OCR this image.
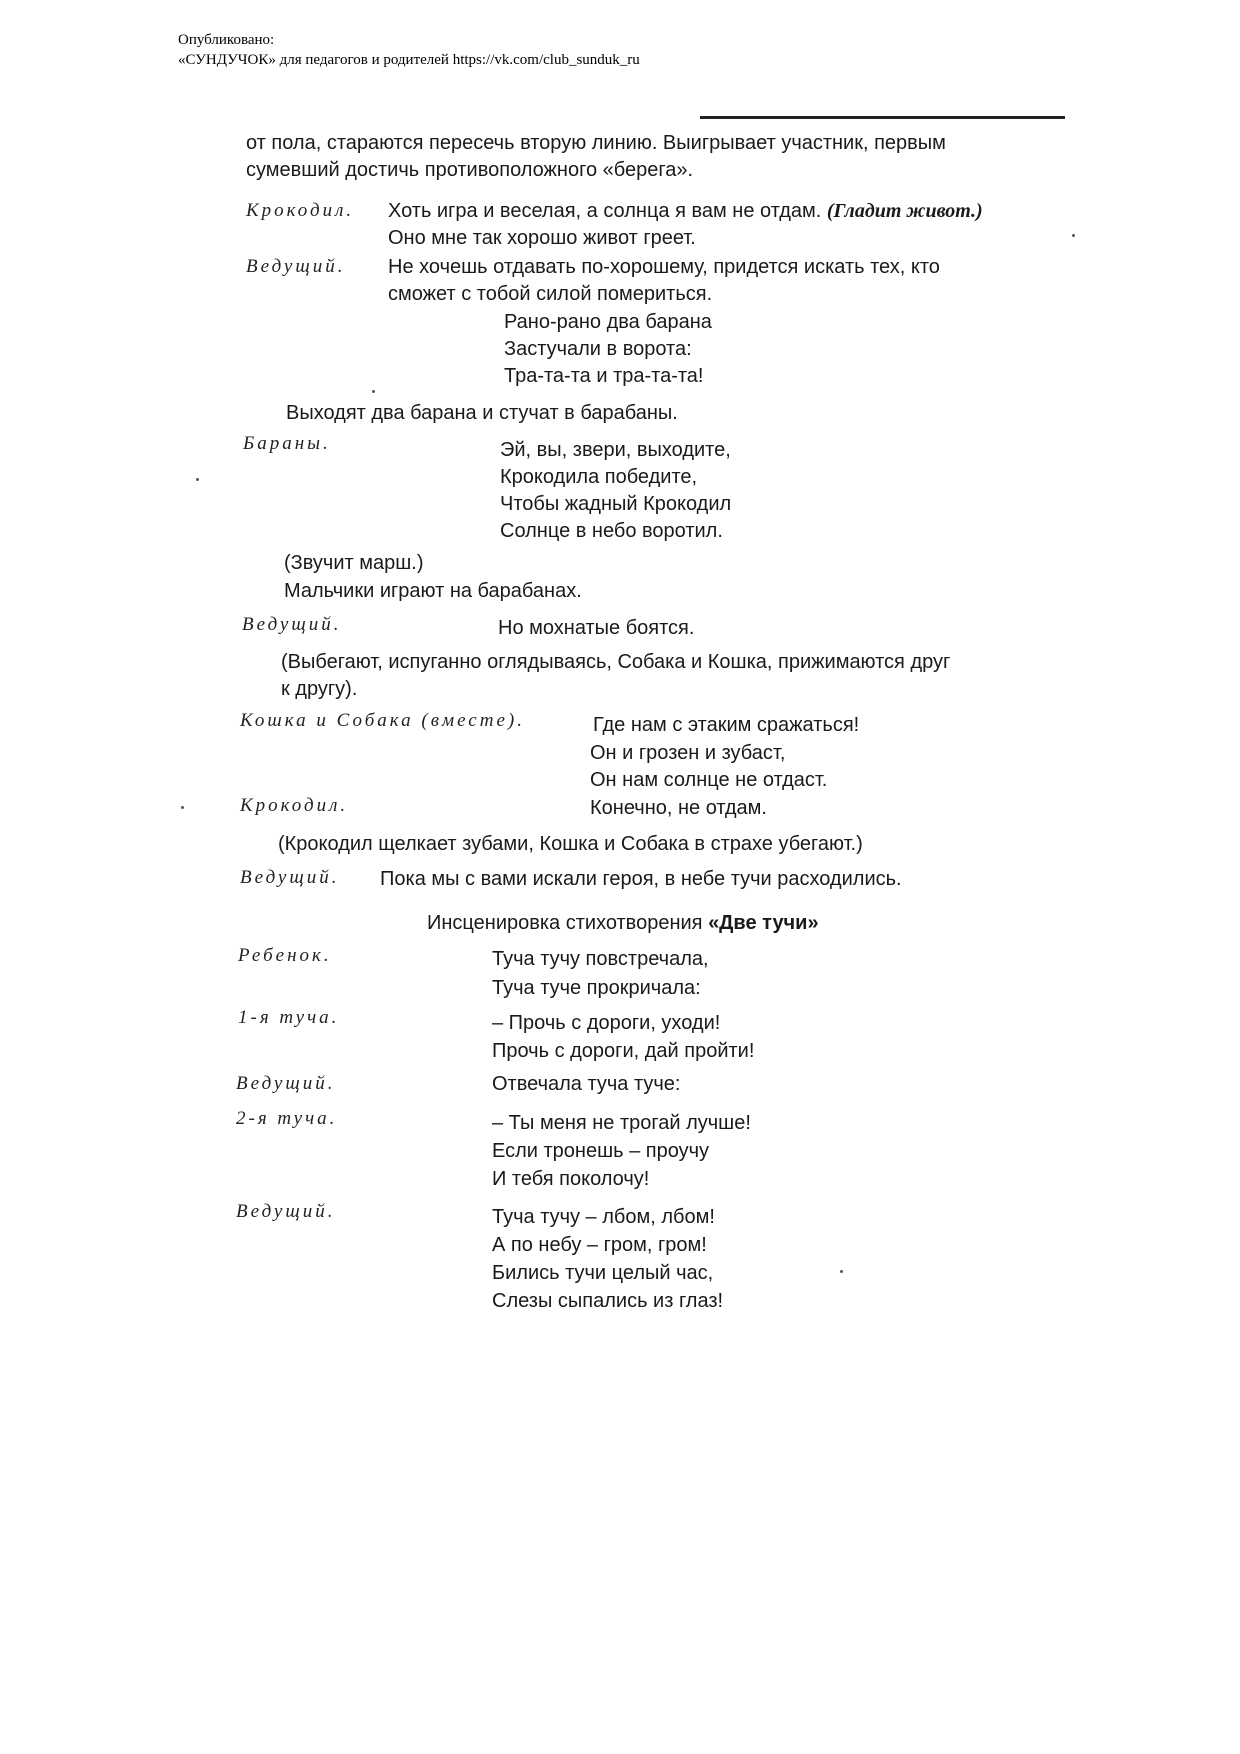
Опубликовано:
«СУНДУЧОК» для педагогов и родителей https://vk.com/club_sunduk_ru
от пола, стараются пересечь вторую линию. Выигрывает участник, первым
сумевший достичь противоположного «берега».
Крокодил. Хоть игра и веселая, а солнца я вам не отдам. (Гладит живот.)
Оно мне так хорошо живот греет.
Ведущий. Не хочешь отдавать по-хорошему, придется искать тех, кто
сможет с тобой силой помериться.
Рано-рано два барана
Застучали в ворота:
Тра-та-та и тра-та-та!
Выходят два барана и стучат в барабаны.
Бараны.	Эй, вы, звери, выходите,
Крокодила победите,
Чтобы жадный Крокодил
Солнце в небо воротил.
(Звучит марш.)
Мальчики играют на барабанах.
Ведущий.	Но мохнатые боятся.
(Выбегают, испуганно оглядываясь, Собака и Кошка, прижимаются друг
к другу).
Кошка и Собака (вместе).	Где нам с этаким сражаться!
Он и грозен и зубаст,
Он нам солнце не отдаст.
Крокодил.	Конечно, не отдам.
(Крокодил щелкает зубами, Кошка и Собака в страхе убегают.)
Ведущий. Пока мы с вами искали героя, в небе тучи расходились.
Инсценировка стихотворения «Две тучи»
Ребенок.	Туча тучу повстречала,
Туча туче прокричала:
1-я туча.	– Прочь с дороги, уходи!
Прочь с дороги, дай пройти!
Ведущий.	Отвечала туча туче:
2-я туча.	– Ты меня не трогай лучше!
Если тронешь – проучу
И тебя поколочу!
Ведущий.	Туча тучу – лбом, лбом!
А по небу – гром, гром!
Бились тучи целый час,
Слезы сыпались из глаз!
